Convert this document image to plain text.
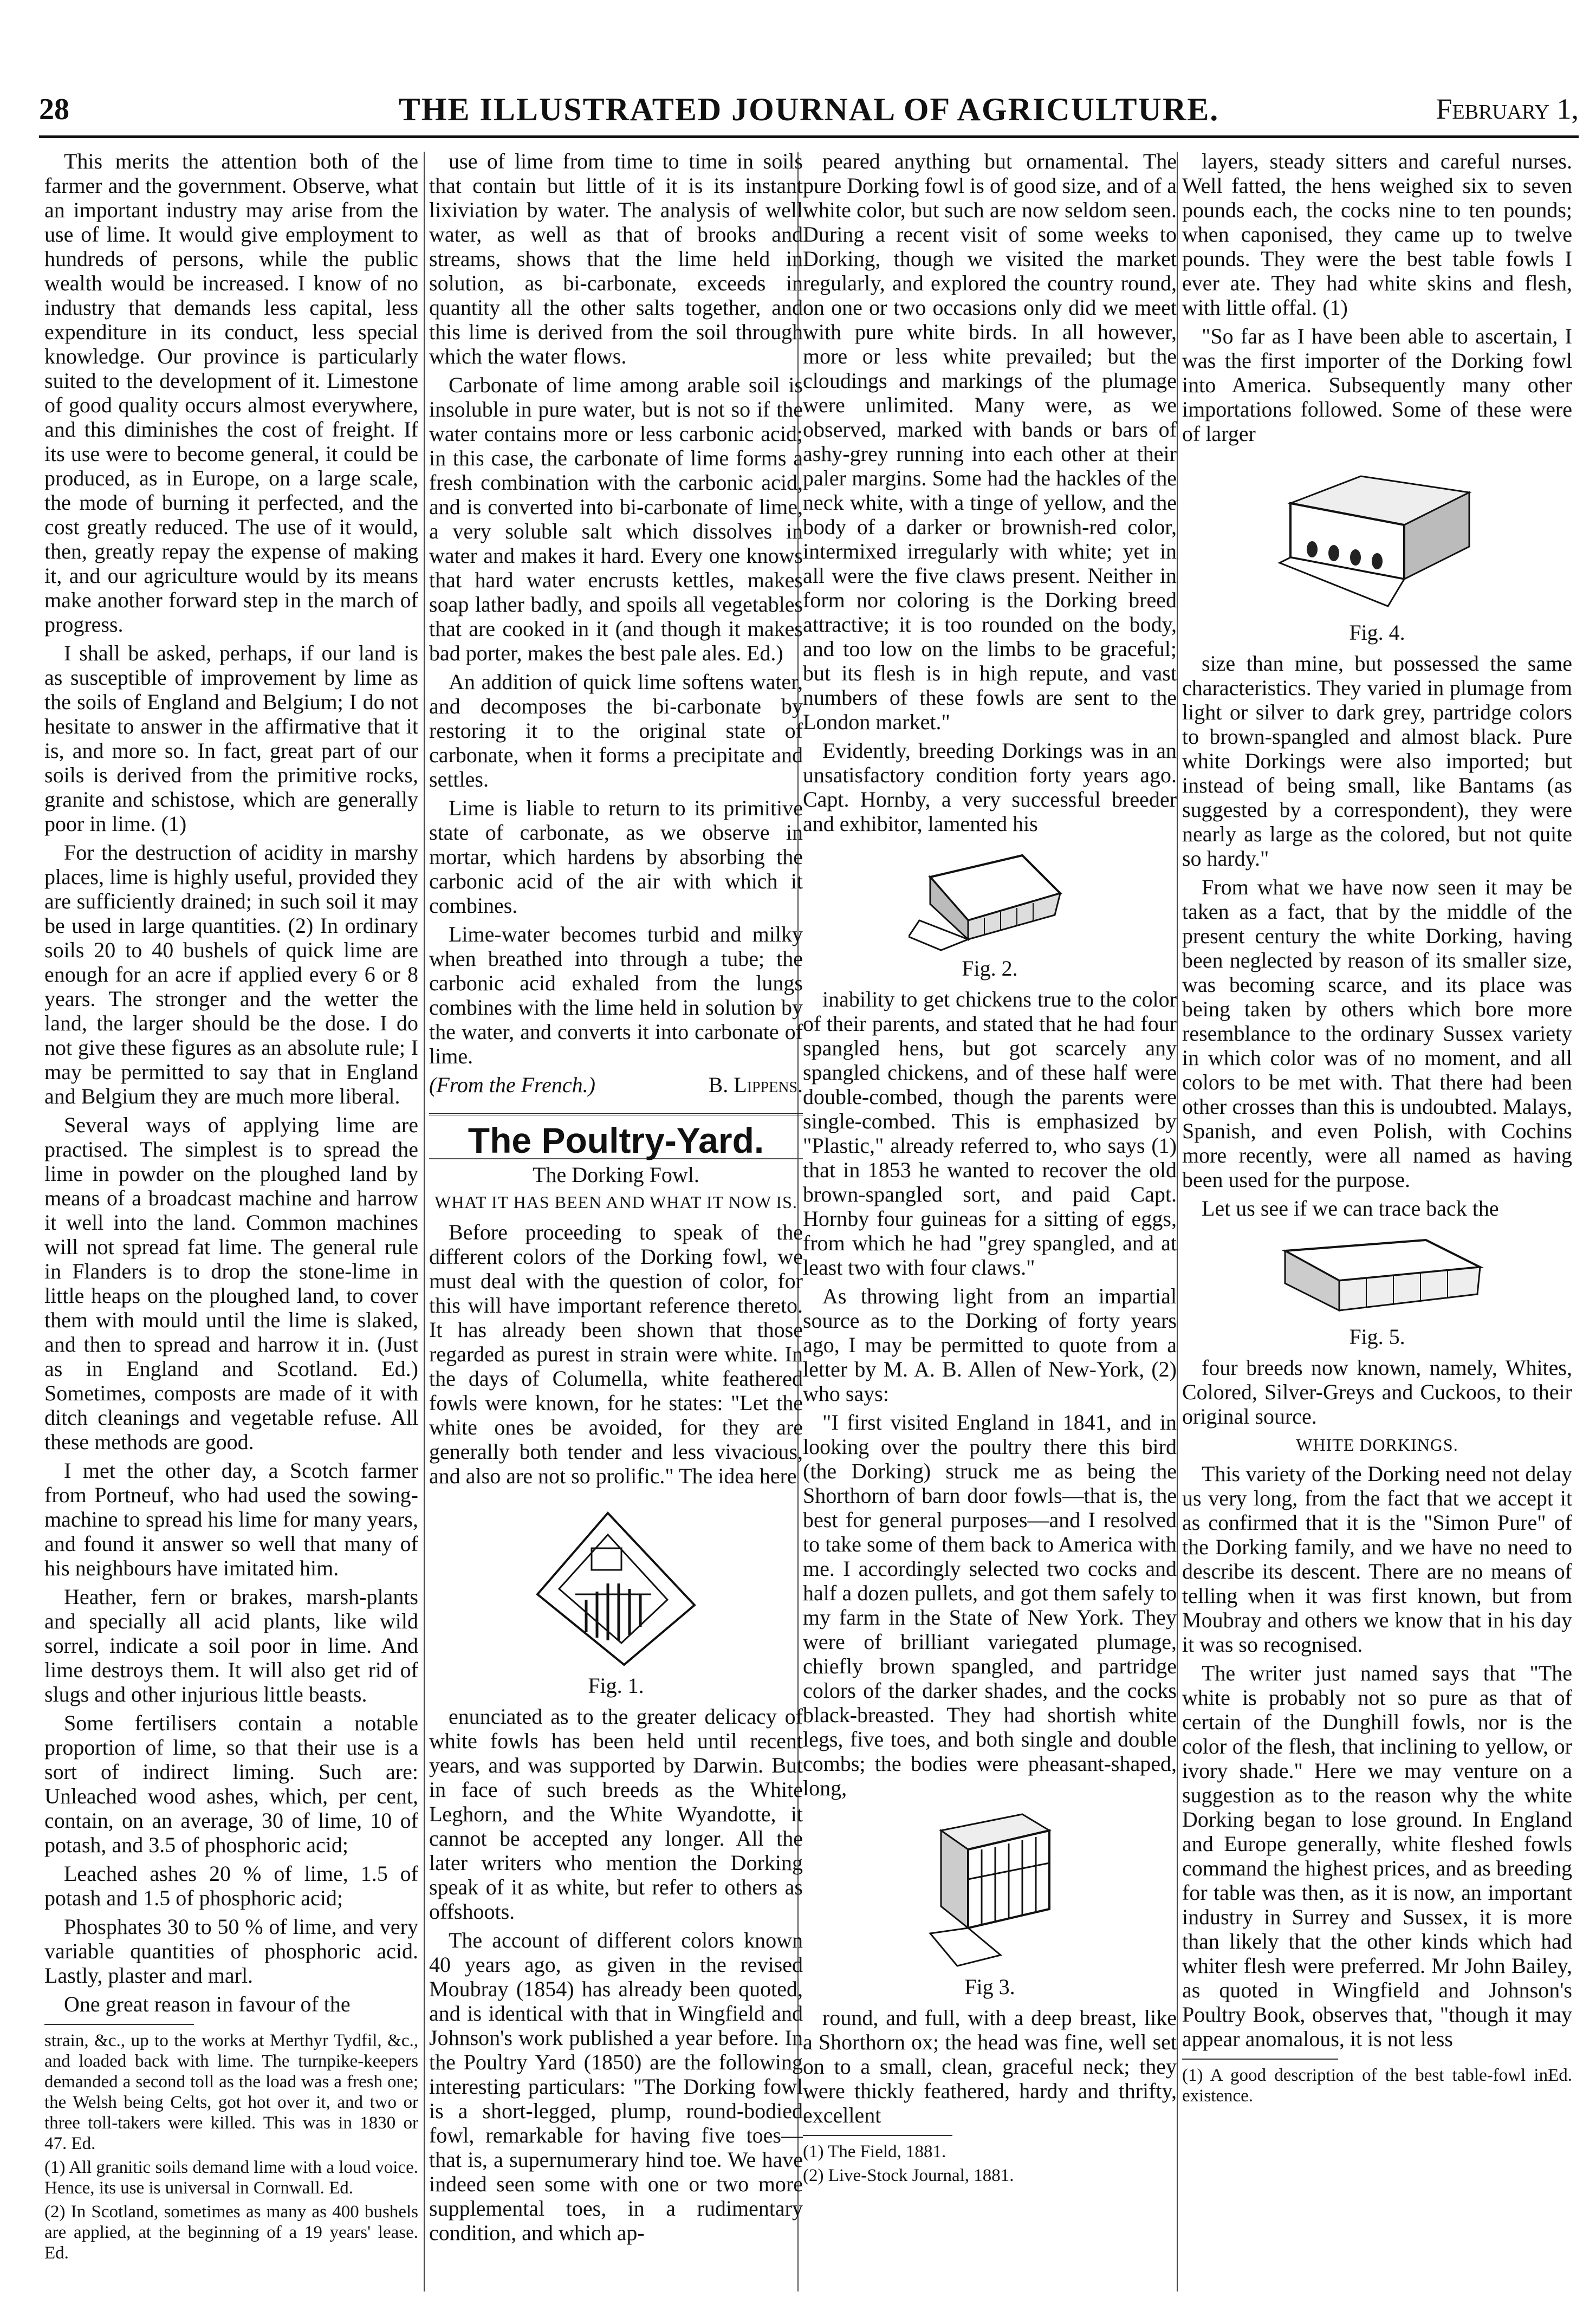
28	THE ILLUSTRATED JOURNAL OF AGRICULTURE.	February 1,

This merits the attention both of the farmer and the government. Observe, what an important industry may arise from the use of lime. It would give employment to hundreds of persons, while the public wealth would be increased. I know of no industry that demands less capital, less expenditure in its conduct, less special knowledge. Our province is particularly suited to the development of it. Limestone of good quality occurs almost everywhere, and this diminishes the cost of freight. If its use were to become general, it could be produced, as in Europe, on a large scale, the mode of burning it perfected, and the cost greatly reduced. The use of it would, then, greatly repay the expense of making it, and our agriculture would by its means make another forward step in the march of progress.

I shall be asked, perhaps, if our land is as susceptible of improvement by lime as the soils of England and Belgium; I do not hesitate to answer in the affirmative that it is, and more so. In fact, great part of our soils is derived from the primitive rocks, granite and schistose, which are generally poor in lime. (1)

For the destruction of acidity in marshy places, lime is highly useful, provided they are sufficiently drained; in such soil it may be used in large quantities. (2) In ordinary soils 20 to 40 bushels of quick lime are enough for an acre if applied every 6 or 8 years. The stronger and the wetter the land, the larger should be the dose. I do not give these figures as an absolute rule; I may be permitted to say that in England and Belgium they are much more liberal.

Several ways of applying lime are practised. The simplest is to spread the lime in powder on the ploughed land by means of a broadcast machine and harrow it well into the land. Common machines will not spread fat lime. The general rule in Flanders is to drop the stone-lime in little heaps on the ploughed land, to cover them with mould until the lime is slaked, and then to spread and harrow it in. (Just as in England and Scotland. Ed.) Sometimes, composts are made of it with ditch cleanings and vegetable refuse. All these methods are good.

I met the other day, a Scotch farmer from Portneuf, who had used the sowing-machine to spread his lime for many years, and found it answer so well that many of his neighbours have imitated him.

Heather, fern or brakes, marsh-plants and specially all acid plants, like wild sorrel, indicate a soil poor in lime. And lime destroys them. It will also get rid of slugs and other injurious little beasts.

Some fertilisers contain a notable proportion of lime, so that their use is a sort of indirect liming. Such are: Unleached wood ashes, which, per cent, contain, on an average, 30 of lime, 10 of potash, and 3.5 of phosphoric acid;

Leached ashes 20 % of lime, 1.5 of potash and 1.5 of phosphoric acid;

Phosphates 30 to 50 % of lime, and very variable quantities of phosphoric acid. Lastly, plaster and marl.

One great reason in favour of the

strain, &c., up to the works at Merthyr Tydfil, &c., and loaded back with lime. The turnpike-keepers demanded a second toll as the load was a fresh one; the Welsh being Celts, got hot over it, and two or three toll-takers were killed. This was in 1830 or 47. Ed.
(1) All granitic soils demand lime with a loud voice. Hence, its use is universal in Cornwall. Ed.
(2) In Scotland, sometimes as many as 400 bushels are applied, at the beginning of a 19 years' lease. Ed.

use of lime from time to time in soils that contain but little of it is its instant lixiviation by water. The analysis of well water, as well as that of brooks and streams, shows that the lime held in solution, as bi-carbonate, exceeds in quantity all the other salts together, and this lime is derived from the soil through which the water flows.

Carbonate of lime among arable soil is insoluble in pure water, but is not so if the water contains more or less carbonic acid; in this case, the carbonate of lime forms a fresh combination with the carbonic acid, and is converted into bi-carbonate of lime, a very soluble salt which dissolves in water and makes it hard. Every one knows that hard water encrusts kettles, makes soap lather badly, and spoils all vegetables that are cooked in it (and though it makes bad porter, makes the best pale ales. Ed.)

An addition of quick lime softens water, and decomposes the bi-carbonate by restoring it to the original state of carbonate, when it forms a precipitate and settles.

Lime is liable to return to its primitive state of carbonate, as we observe in mortar, which hardens by absorbing the carbonic acid of the air with which it combines.

Lime-water becomes turbid and milky when breathed into through a tube; the carbonic acid exhaled from the lungs combines with the lime held in solution by the water, and converts it into carbonate of lime.

(From the French.)	B. Lippens.
The Poultry-Yard.
The Dorking Fowl.
WHAT IT HAS BEEN AND WHAT IT NOW IS.

Before proceeding to speak of the different colors of the Dorking fowl, we must deal with the question of color, for this will have important reference thereto. It has already been shown that those regarded as purest in strain were white. In the days of Columella, white feathered fowls were known, for he states: "Let the white ones be avoided, for they are generally both tender and less vivacious, and also are not so prolific." The idea here

Fig. 1.

enunciated as to the greater delicacy of white fowls has been held until recent years, and was supported by Darwin. But in face of such breeds as the White Leghorn, and the White Wyandotte, it cannot be accepted any longer. All the later writers who mention the Dorking speak of it as white, but refer to others as offshoots.

The account of different colors known 40 years ago, as given in the revised Moubray (1854) has already been quoted, and is identical with that in Wingfield and Johnson's work published a year before. In the Poultry Yard (1850) are the following interesting particulars: "The Dorking fowl is a short-legged, plump, round-bodied fowl, remarkable for having five toes—that is, a supernumerary hind toe. We have indeed seen some with one or two more supplemental toes, in a rudimentary condition, and which ap-

peared anything but ornamental. The pure Dorking fowl is of good size, and of a white color, but such are now seldom seen. During a recent visit of some weeks to Dorking, though we visited the market regularly, and explored the country round, on one or two occasions only did we meet with pure white birds. In all however, more or less white prevailed; but the cloudings and markings of the plumage were unlimited. Many were, as we observed, marked with bands or bars of ashy-grey running into each other at their paler margins. Some had the hackles of the neck white, with a tinge of yellow, and the body of a darker or brownish-red color, intermixed irregularly with white; yet in all were the five claws present. Neither in form nor coloring is the Dorking breed attractive; it is too rounded on the body, and too low on the limbs to be graceful; but its flesh is in high repute, and vast numbers of these fowls are sent to the London market."

Evidently, breeding Dorkings was in an unsatisfactory condition forty years ago. Capt. Hornby, a very successful breeder and exhibitor, lamented his

Fig. 2.

inability to get chickens true to the color of their parents, and stated that he had four spangled hens, but got scarcely any spangled chickens, and of these half were double-combed, though the parents were single-combed. This is emphasized by "Plastic," already referred to, who says (1) that in 1853 he wanted to recover the old brown-spangled sort, and paid Capt. Hornby four guineas for a sitting of eggs, from which he had "grey spangled, and at least two with four claws."

As throwing light from an impartial source as to the Dorking of forty years ago, I may be permitted to quote from a letter by M. A. B. Allen of New-York, (2) who says:

"I first visited England in 1841, and in looking over the poultry there this bird (the Dorking) struck me as being the Shorthorn of barn door fowls—that is, the best for general purposes—and I resolved to take some of them back to America with me. I accordingly selected two cocks and half a dozen pullets, and got them safely to my farm in the State of New York. They were of brilliant variegated plumage, chiefly brown spangled, and partridge colors of the darker shades, and the cocks black-breasted. They had shortish white legs, five toes, and both single and double combs; the bodies were pheasant-shaped, long,

Fig 3.

round, and full, with a deep breast, like a Shorthorn ox; the head was fine, well set on to a small, clean, graceful neck; they were thickly feathered, hardy and thrifty, excellent

(1) The Field, 1881.
(2) Live-Stock Journal, 1881.

layers, steady sitters and careful nurses. Well fatted, the hens weighed six to seven pounds each, the cocks nine to ten pounds; when caponised, they came up to twelve pounds. They were the best table fowls I ever ate. They had white skins and flesh, with little offal. (1)

"So far as I have been able to ascertain, I was the first importer of the Dorking fowl into America. Subsequently many other importations followed. Some of these were of larger

Fig. 4.

size than mine, but possessed the same characteristics. They varied in plumage from light or silver to dark grey, partridge colors to brown-spangled and almost black. Pure white Dorkings were also imported; but instead of being small, like Bantams (as suggested by a correspondent), they were nearly as large as the colored, but not quite so hardy."

From what we have now seen it may be taken as a fact, that by the middle of the present century the white Dorking, having been neglected by reason of its smaller size, was becoming scarce, and its place was being taken by others which bore more resemblance to the ordinary Sussex variety in which color was of no moment, and all colors to be met with. That there had been other crosses than this is undoubted. Malays, Spanish, and even Polish, with Cochins more recently, were all named as having been used for the purpose.

Let us see if we can trace back the

Fig. 5.

four breeds now known, namely, Whites, Colored, Silver-Greys and Cuckoos, to their original source.

WHITE DORKINGS.

This variety of the Dorking need not delay us very long, from the fact that we accept it as confirmed that it is the "Simon Pure" of the Dorking family, and we have no need to describe its descent. There are no means of telling when it was first known, but from Moubray and others we know that in his day it was so recognised.

The writer just named says that "The white is probably not so pure as that of certain of the Dunghill fowls, nor is the color of the flesh, that inclining to yellow, or ivory shade." Here we may venture on a suggestion as to the reason why the white Dorking began to lose ground. In England and Europe generally, white fleshed fowls command the highest prices, and as breeding for table was then, as it is now, an important industry in Surrey and Sussex, it is more than likely that the other kinds which had whiter flesh were preferred. Mr John Bailey, as quoted in Wingfield and Johnson's Poultry Book, observes that, "though it may appear anomalous, it is not less

(1) A good description of the best table-fowl in existence.
Ed.
